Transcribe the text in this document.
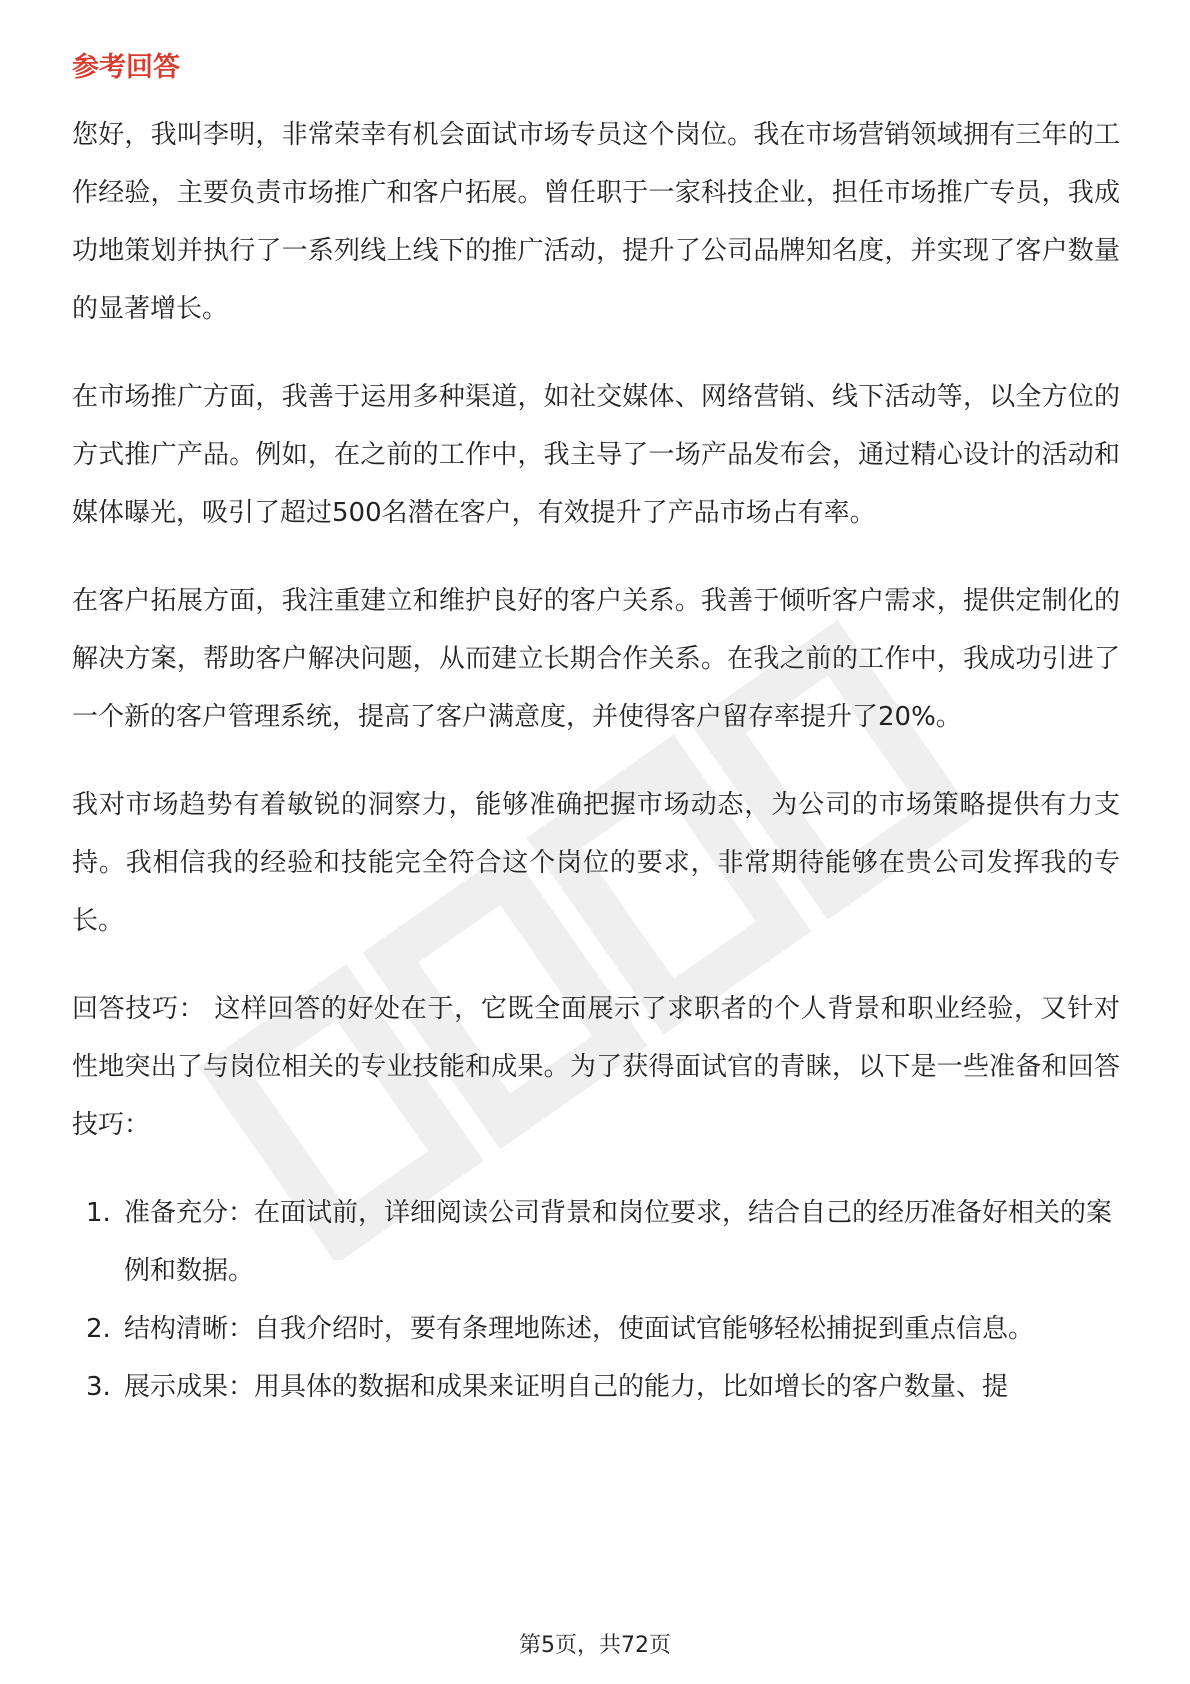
参考回答

您好，我叫李明，非常荣幸有机会面试市场专员这个岗位。我在市场营销领域拥有三年的工作经验，主要负责市场推广和客户拓展。曾任职于一家科技企业，担任市场推广专员，我成功地策划并执行了一系列线上线下的推广活动，提升了公司品牌知名度，并实现了客户数量的显著增长。

在市场推广方面，我善于运用多种渠道，如社交媒体、网络营销、线下活动等，以全方位的方式推广产品。例如，在之前的工作中，我主导了一场产品发布会，通过精心设计的活动和媒体曝光，吸引了超过500名潜在客户，有效提升了产品市场占有率。

在客户拓展方面，我注重建立和维护良好的客户关系。我善于倾听客户需求，提供定制化的解决方案，帮助客户解决问题，从而建立长期合作关系。在我之前的工作中，我成功引进了一个新的客户管理系统，提高了客户满意度，并使得客户留存率提升了20%。

我对市场趋势有着敏锐的洞察力，能够准确把握市场动态，为公司的市场策略提供有力支持。我相信我的经验和技能完全符合这个岗位的要求，非常期待能够在贵公司发挥我的专长。

回答技巧： 这样回答的好处在于，它既全面展示了求职者的个人背景和职业经验，又针对性地突出了与岗位相关的专业技能和成果。为了获得面试官的青睐，以下是一些准备和回答技巧：

1. 准备充分：在面试前，详细阅读公司背景和岗位要求，结合自己的经历准备好相关的案例和数据。
2. 结构清晰：自我介绍时，要有条理地陈述，使面试官能够轻松捕捉到重点信息。
3. 展示成果：用具体的数据和成果来证明自己的能力，比如增长的客户数量、提
第5页，共72页
